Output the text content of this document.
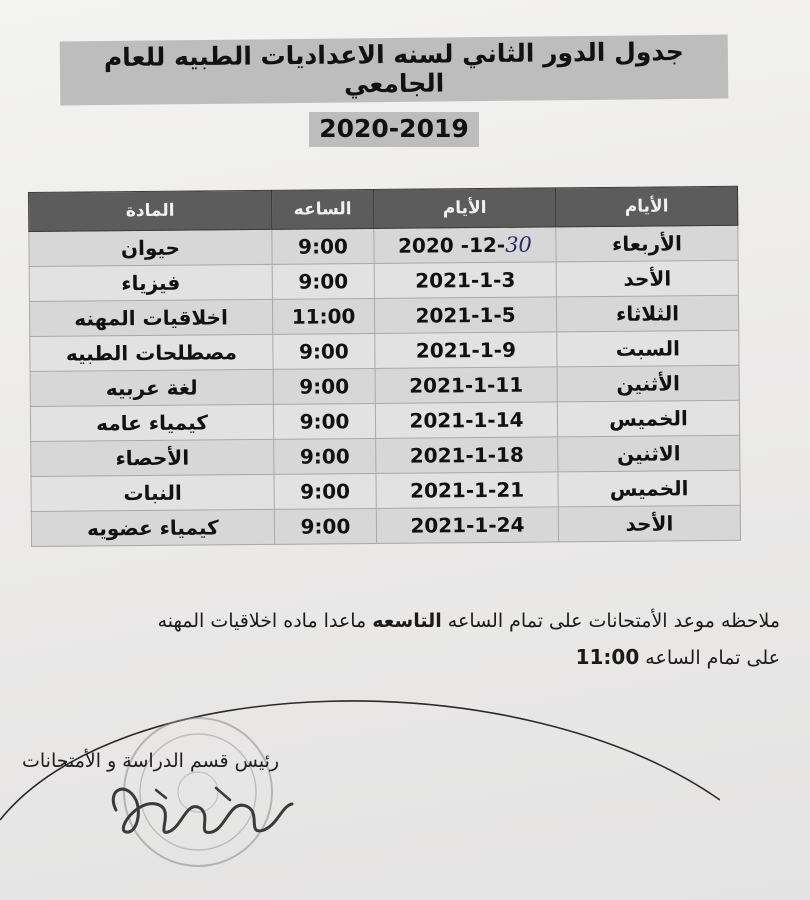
جدول الدور الثاني لسنه الاعداديات الطبيه للعام الجامعي
2020-2019
الأيام	الأيام	الساعه	المادة
الأربعاء	2020 -12-30	9:00	حيوان
الأحد	2021-1-3	9:00	فيزياء
الثلاثاء	2021-1-5	11:00	اخلاقيات المهنه
السبت	2021-1-9	9:00	مصطلحات الطبيه
الأثنين	2021-1-11	9:00	لغة عربيه
الخميس	2021-1-14	9:00	كيمياء عامه
الاثنين	2021-1-18	9:00	الأحصاء
الخميس	2021-1-21	9:00	النبات
الأحد	2021-1-24	9:00	كيمياء عضويه
ملاحظه موعد الأمتحانات على تمام الساعه التاسعه ماعدا ماده اخلاقيات المهنه
على تمام الساعه 11:00
رئيس قسم الدراسة و الأمتحانات
